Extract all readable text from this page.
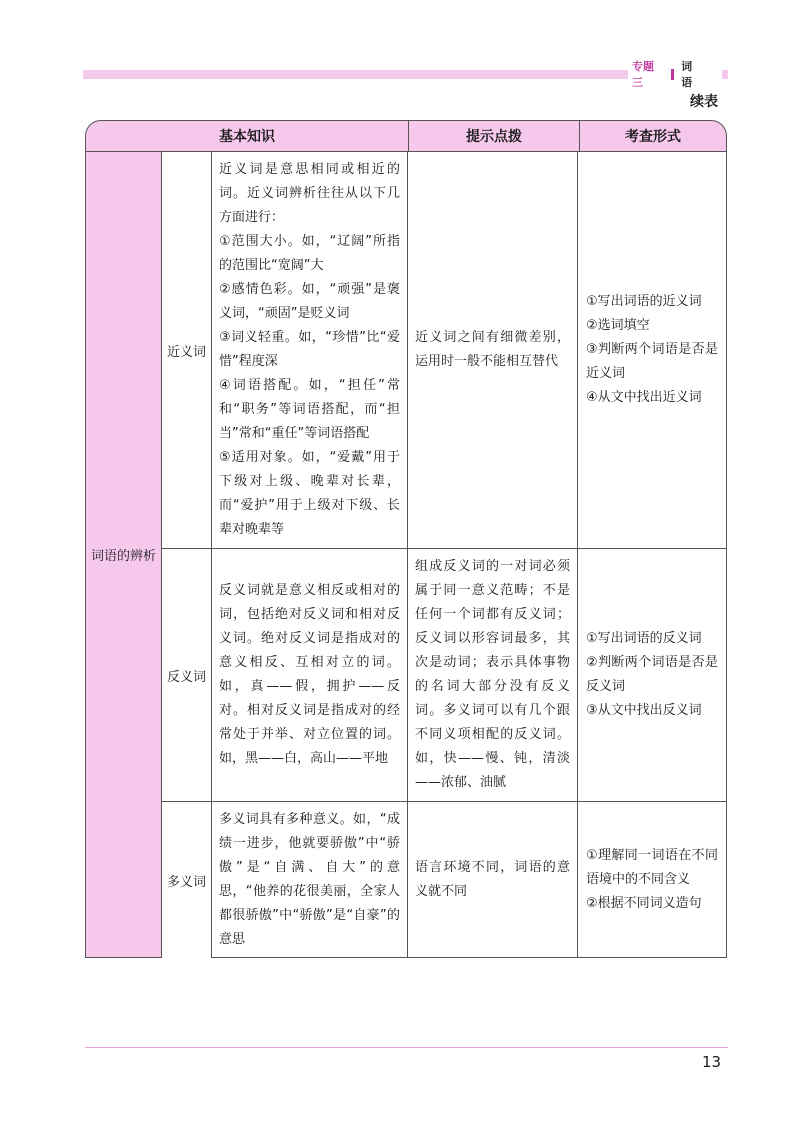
专题三
词 语
续表
基本知识	提示点拨	考查形式
词语的辨析
近义词

近义词是意思相同或相近的词。近义词辨析往往从以下几方面进行：

①范围大小。如，“辽阔”所指的范围比“宽阔”大

②感情色彩。如，“顽强”是褒义词，“顽固”是贬义词

③词义轻重。如，“珍惜”比“爱惜”程度深

④词语搭配。如，“担任”常和“职务”等词语搭配，而“担当”常和“重任”等词语搭配

⑤适用对象。如，“爱戴”用于下级对上级、晚辈对长辈，而“爱护”用于上级对下级、长辈对晚辈等

近义词之间有细微差别，运用时一般不能相互替代

①写出词语的近义词

②选词填空

③判断两个词语是否是近义词

④从文中找出近义词

反义词

反义词就是意义相反或相对的词，包括绝对反义词和相对反义词。绝对反义词是指成对的意义相反、互相对立的词。如，真——假，拥护——反对。相对反义词是指成对的经常处于并举、对立位置的词。如，黑——白，高山——平地

组成反义词的一对词必须属于同一意义范畴；不是任何一个词都有反义词；反义词以形容词最多，其次是动词；表示具体事物的名词大部分没有反义词。多义词可以有几个跟不同义项相配的反义词。如，快——慢、钝，清淡——浓郁、油腻

①写出词语的反义词

②判断两个词语是否是反义词

③从文中找出反义词

多义词

多义词具有多种意义。如，“成绩一进步，他就要骄傲”中“骄傲”是“自满、自大”的意思，“他养的花很美丽，全家人都很骄傲”中“骄傲”是“自豪”的意思

语言环境不同，词语的意义就不同

①理解同一词语在不同语境中的不同含义

②根据不同词义造句

13
